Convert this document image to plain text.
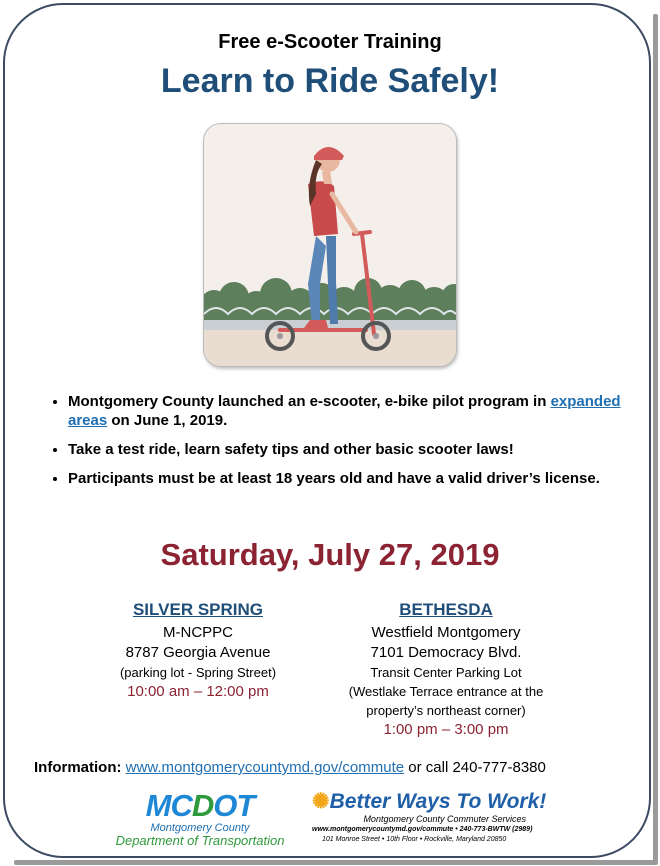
Free e-Scooter Training
Learn to Ride Safely!
• Montgomery County launched an e-scooter, e-bike pilot program in expanded areas on June 1, 2019.
• Take a test ride, learn safety tips and other basic scooter laws!
• Participants must be at least 18 years old and have a valid driver’s license.
Saturday, July 27, 2019
SILVER SPRING
M-NCPPC
8787 Georgia Avenue
(parking lot - Spring Street)
10:00 am – 12:00 pm
BETHESDA
Westfield Montgomery
7101 Democracy Blvd.
Transit Center Parking Lot
(Westlake Terrace entrance at the property’s northeast corner)
1:00 pm – 3:00 pm
Information: www.montgomerycountymd.gov/commute or call 240-777-8380
MCDOT
Montgomery County
Department of Transportation
✺Better Ways To Work!
Montgomery County Commuter Services
www.montgomerycountymd.gov/commute • 240-773-BWTW (2989)
101 Monroe Street • 10th Floor • Rockville, Maryland 20850
